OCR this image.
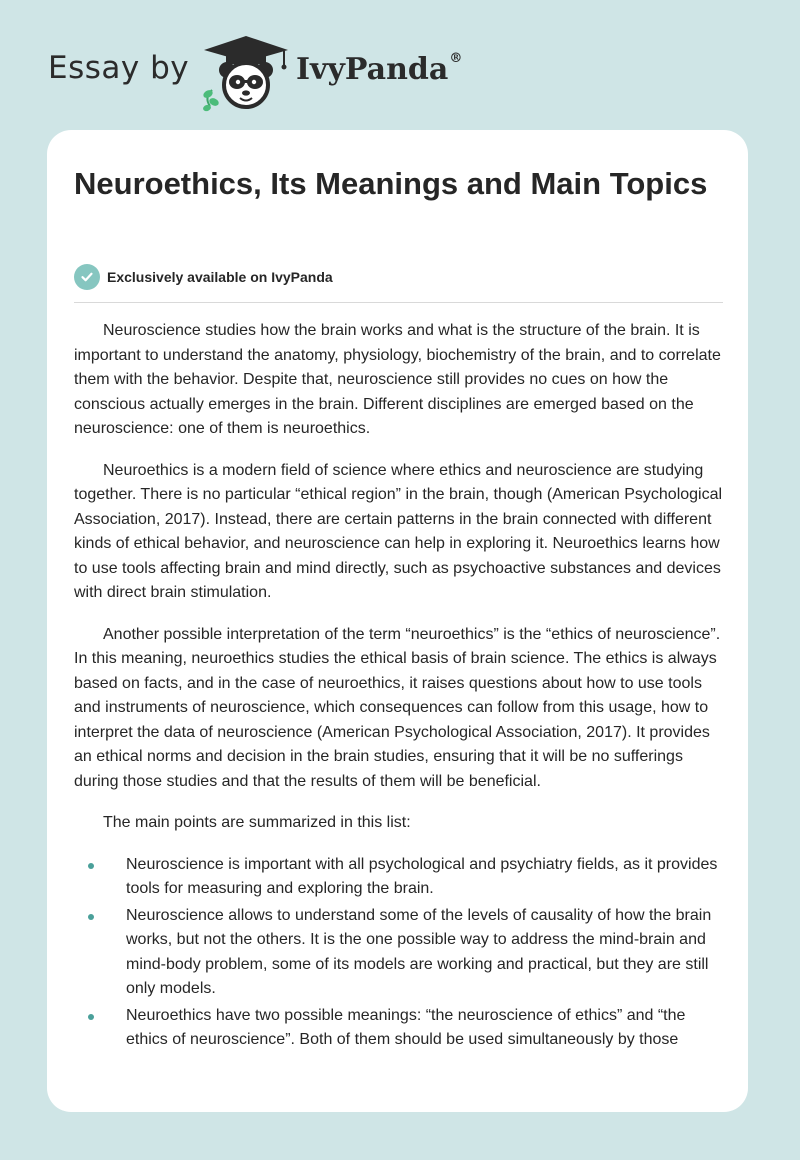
Essay by	IvyPanda®
Neuroethics, Its Meanings and Main Topics
Exclusively available on IvyPanda

Neuroscience studies how the brain works and what is the structure of the brain. It is important to understand the anatomy, physiology, biochemistry of the brain, and to correlate them with the behavior. Despite that, neuroscience still provides no cues on how the conscious actually emerges in the brain. Different disciplines are emerged based on the neuroscience: one of them is neuroethics.

Neuroethics is a modern field of science where ethics and neuroscience are studying together. There is no particular “ethical region” in the brain, though (American Psychological Association, 2017). Instead, there are certain patterns in the brain connected with different kinds of ethical behavior, and neuroscience can help in exploring it. Neuroethics learns how to use tools affecting brain and mind directly, such as psychoactive substances and devices with direct brain stimulation.

Another possible interpretation of the term “neuroethics” is the “ethics of neuroscience”. In this meaning, neuroethics studies the ethical basis of brain science. The ethics is always based on facts, and in the case of neuroethics, it raises questions about how to use tools and instruments of neuroscience, which consequences can follow from this usage, how to interpret the data of neuroscience (American Psychological Association, 2017). It provides an ethical norms and decision in the brain studies, ensuring that it will be no sufferings during those studies and that the results of them will be beneficial.

The main points are summarized in this list:

Neuroscience is important with all psychological and psychiatry fields, as it provides tools for measuring and exploring the brain.
Neuroscience allows to understand some of the levels of causality of how the brain works, but not the others. It is the one possible way to address the mind-brain and mind-body problem, some of its models are working and practical, but they are still only models.
Neuroethics have two possible meanings: “the neuroscience of ethics” and “the ethics of neuroscience”. Both of them should be used simultaneously by those
